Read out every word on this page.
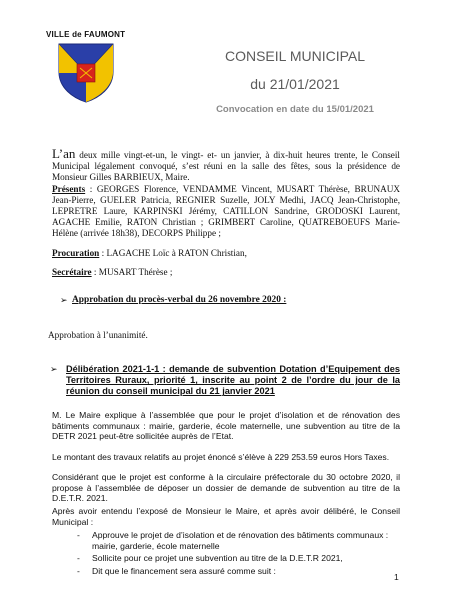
VILLE de FAUMONT
CONSEIL MUNICIPAL
du 21/01/2021
Convocation en date du 15/01/2021

L’an deux mille vingt-et-un, le vingt- et- un janvier, à dix-huit heures trente, le Conseil Municipal légalement convoqué, s’est réuni en la salle des fêtes, sous la présidence de Monsieur Gilles BARBIEUX, Maire.

Présents : GEORGES Florence, VENDAMME Vincent, MUSART Thérèse, BRUNAUX Jean-Pierre, GUELER Patricia, REGNIER Suzelle, JOLY Medhi, JACQ Jean-Christophe, LEPRETRE Laure, KARPINSKI Jérémy, CATILLON Sandrine, GRODOSKI Laurent, AGACHE Emilie, RATON Christian ; GRIMBERT Caroline, QUATREBOEUFS Marie-Hélène (arrivée 18h38), DECORPS Philippe ;

Procuration : LAGACHE Loïc à RATON Christian,

Secrétaire : MUSART Thérèse ;

➢ Approbation du procès-verbal du 26 novembre 2020 :
Approbation à l’unanimité.
➢ Délibération 2021-1-1 : demande de subvention Dotation d’Equipement des Territoires Ruraux, priorité 1, inscrite au point 2 de l’ordre du jour de la réunion du conseil municipal du 21 janvier 2021
M. Le Maire explique à l’assemblée que pour le projet d’isolation et de rénovation des bâtiments communaux : mairie, garderie, école maternelle, une subvention au titre de la DETR 2021 peut-être sollicitée auprès de l’Etat.
Le montant des travaux relatifs au projet énoncé s’élève à 229 253.59 euros Hors Taxes.
Considérant que le projet est conforme à la circulaire préfectorale du 30 octobre 2020, il propose à l’assemblée de déposer un dossier de demande de subvention au titre de la D.E.T.R. 2021.
Après avoir entendu l’exposé de Monsieur le Maire, et après avoir délibéré, le Conseil Municipal :
- Approuve le projet de d’isolation et de rénovation des bâtiments communaux : mairie, garderie, école maternelle
- Sollicite pour ce projet une subvention au titre de la D.E.T.R 2021,
- Dit que le financement sera assuré comme suit :
1
